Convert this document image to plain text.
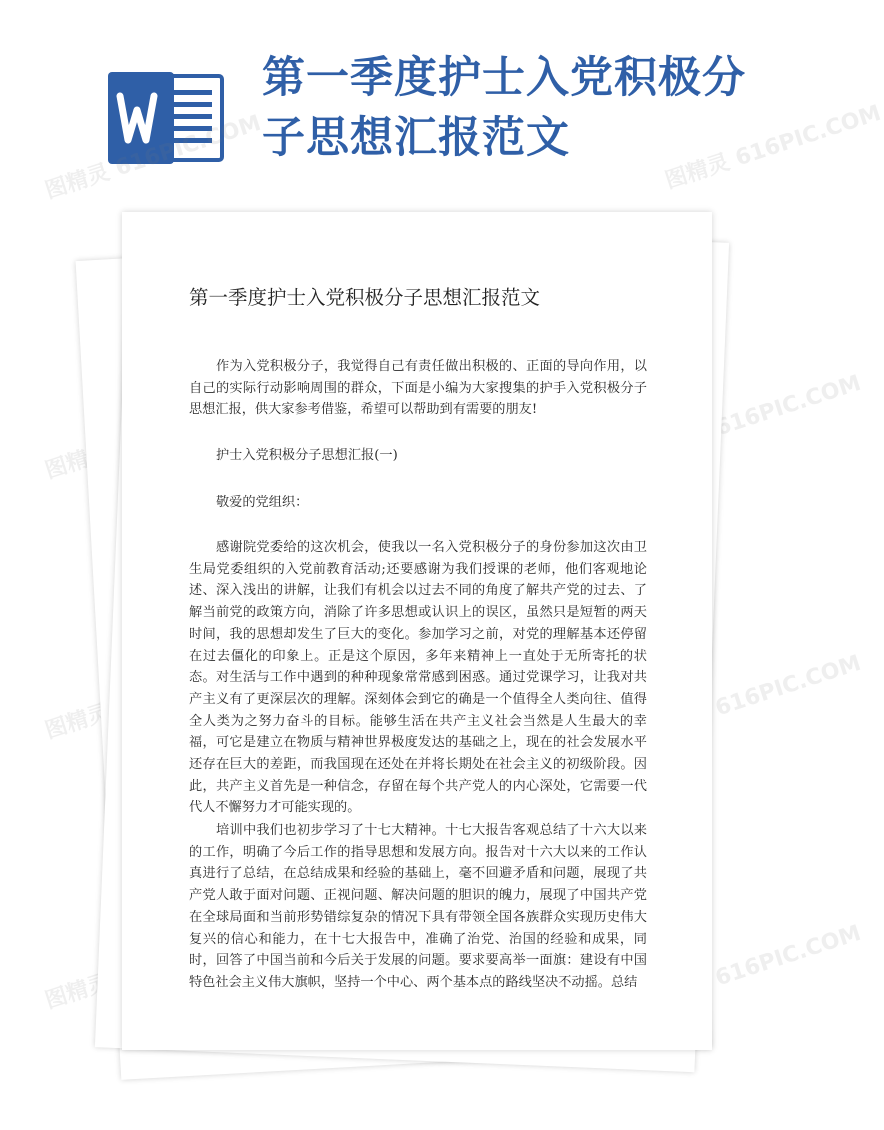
第一季度护士入党积极分子思想汇报范文
图精灵	图精灵 616PIC.COM
图精灵	图精灵 616PIC.COM
图精灵	图精灵 616PIC.COM
图精灵	图精灵 616PIC.COM
第一季度护士入党积极分子思想汇报范文

作为入党积极分子，我觉得自己有责任做出积极的、正面的导向作用，以自己的实际行动影响周围的群众，下面是小编为大家搜集的护手入党积极分子思想汇报，供大家参考借鉴，希望可以帮助到有需要的朋友!

护士入党积极分子思想汇报(一)
敬爱的党组织：

感谢院党委给的这次机会，使我以一名入党积极分子的身份参加这次由卫生局党委组织的入党前教育活动;还要感谢为我们授课的老师，他们客观地论述、深入浅出的讲解，让我们有机会以过去不同的角度了解共产党的过去、了解当前党的政策方向，消除了许多思想或认识上的误区，虽然只是短暂的两天时间，我的思想却发生了巨大的变化。参加学习之前，对党的理解基本还停留在过去僵化的印象上。正是这个原因，多年来精神上一直处于无所寄托的状态。对生活与工作中遇到的种种现象常常感到困惑。通过党课学习，让我对共产主义有了更深层次的理解。深刻体会到它的确是一个值得全人类向往、值得全人类为之努力奋斗的目标。能够生活在共产主义社会当然是人生最大的幸福，可它是建立在物质与精神世界极度发达的基础之上，现在的社会发展水平还存在巨大的差距，而我国现在还处在并将长期处在社会主义的初级阶段。因此，共产主义首先是一种信念，存留在每个共产党人的内心深处，它需要一代代人不懈努力才可能实现的。

培训中我们也初步学习了十七大精神。十七大报告客观总结了十六大以来的工作，明确了今后工作的指导思想和发展方向。报告对十六大以来的工作认真进行了总结，在总结成果和经验的基础上，毫不回避矛盾和问题，展现了共产党人敢于面对问题、正视问题、解决问题的胆识的魄力，展现了中国共产党在全球局面和当前形势错综复杂的情况下具有带领全国各族群众实现历史伟大复兴的信心和能力，在十七大报告中，准确了治党、治国的经验和成果，同时，回答了中国当前和今后关于发展的问题。要求要高举一面旗：建设有中国特色社会主义伟大旗帜，坚持一个中心、两个基本点的路线坚决不动摇。总结
